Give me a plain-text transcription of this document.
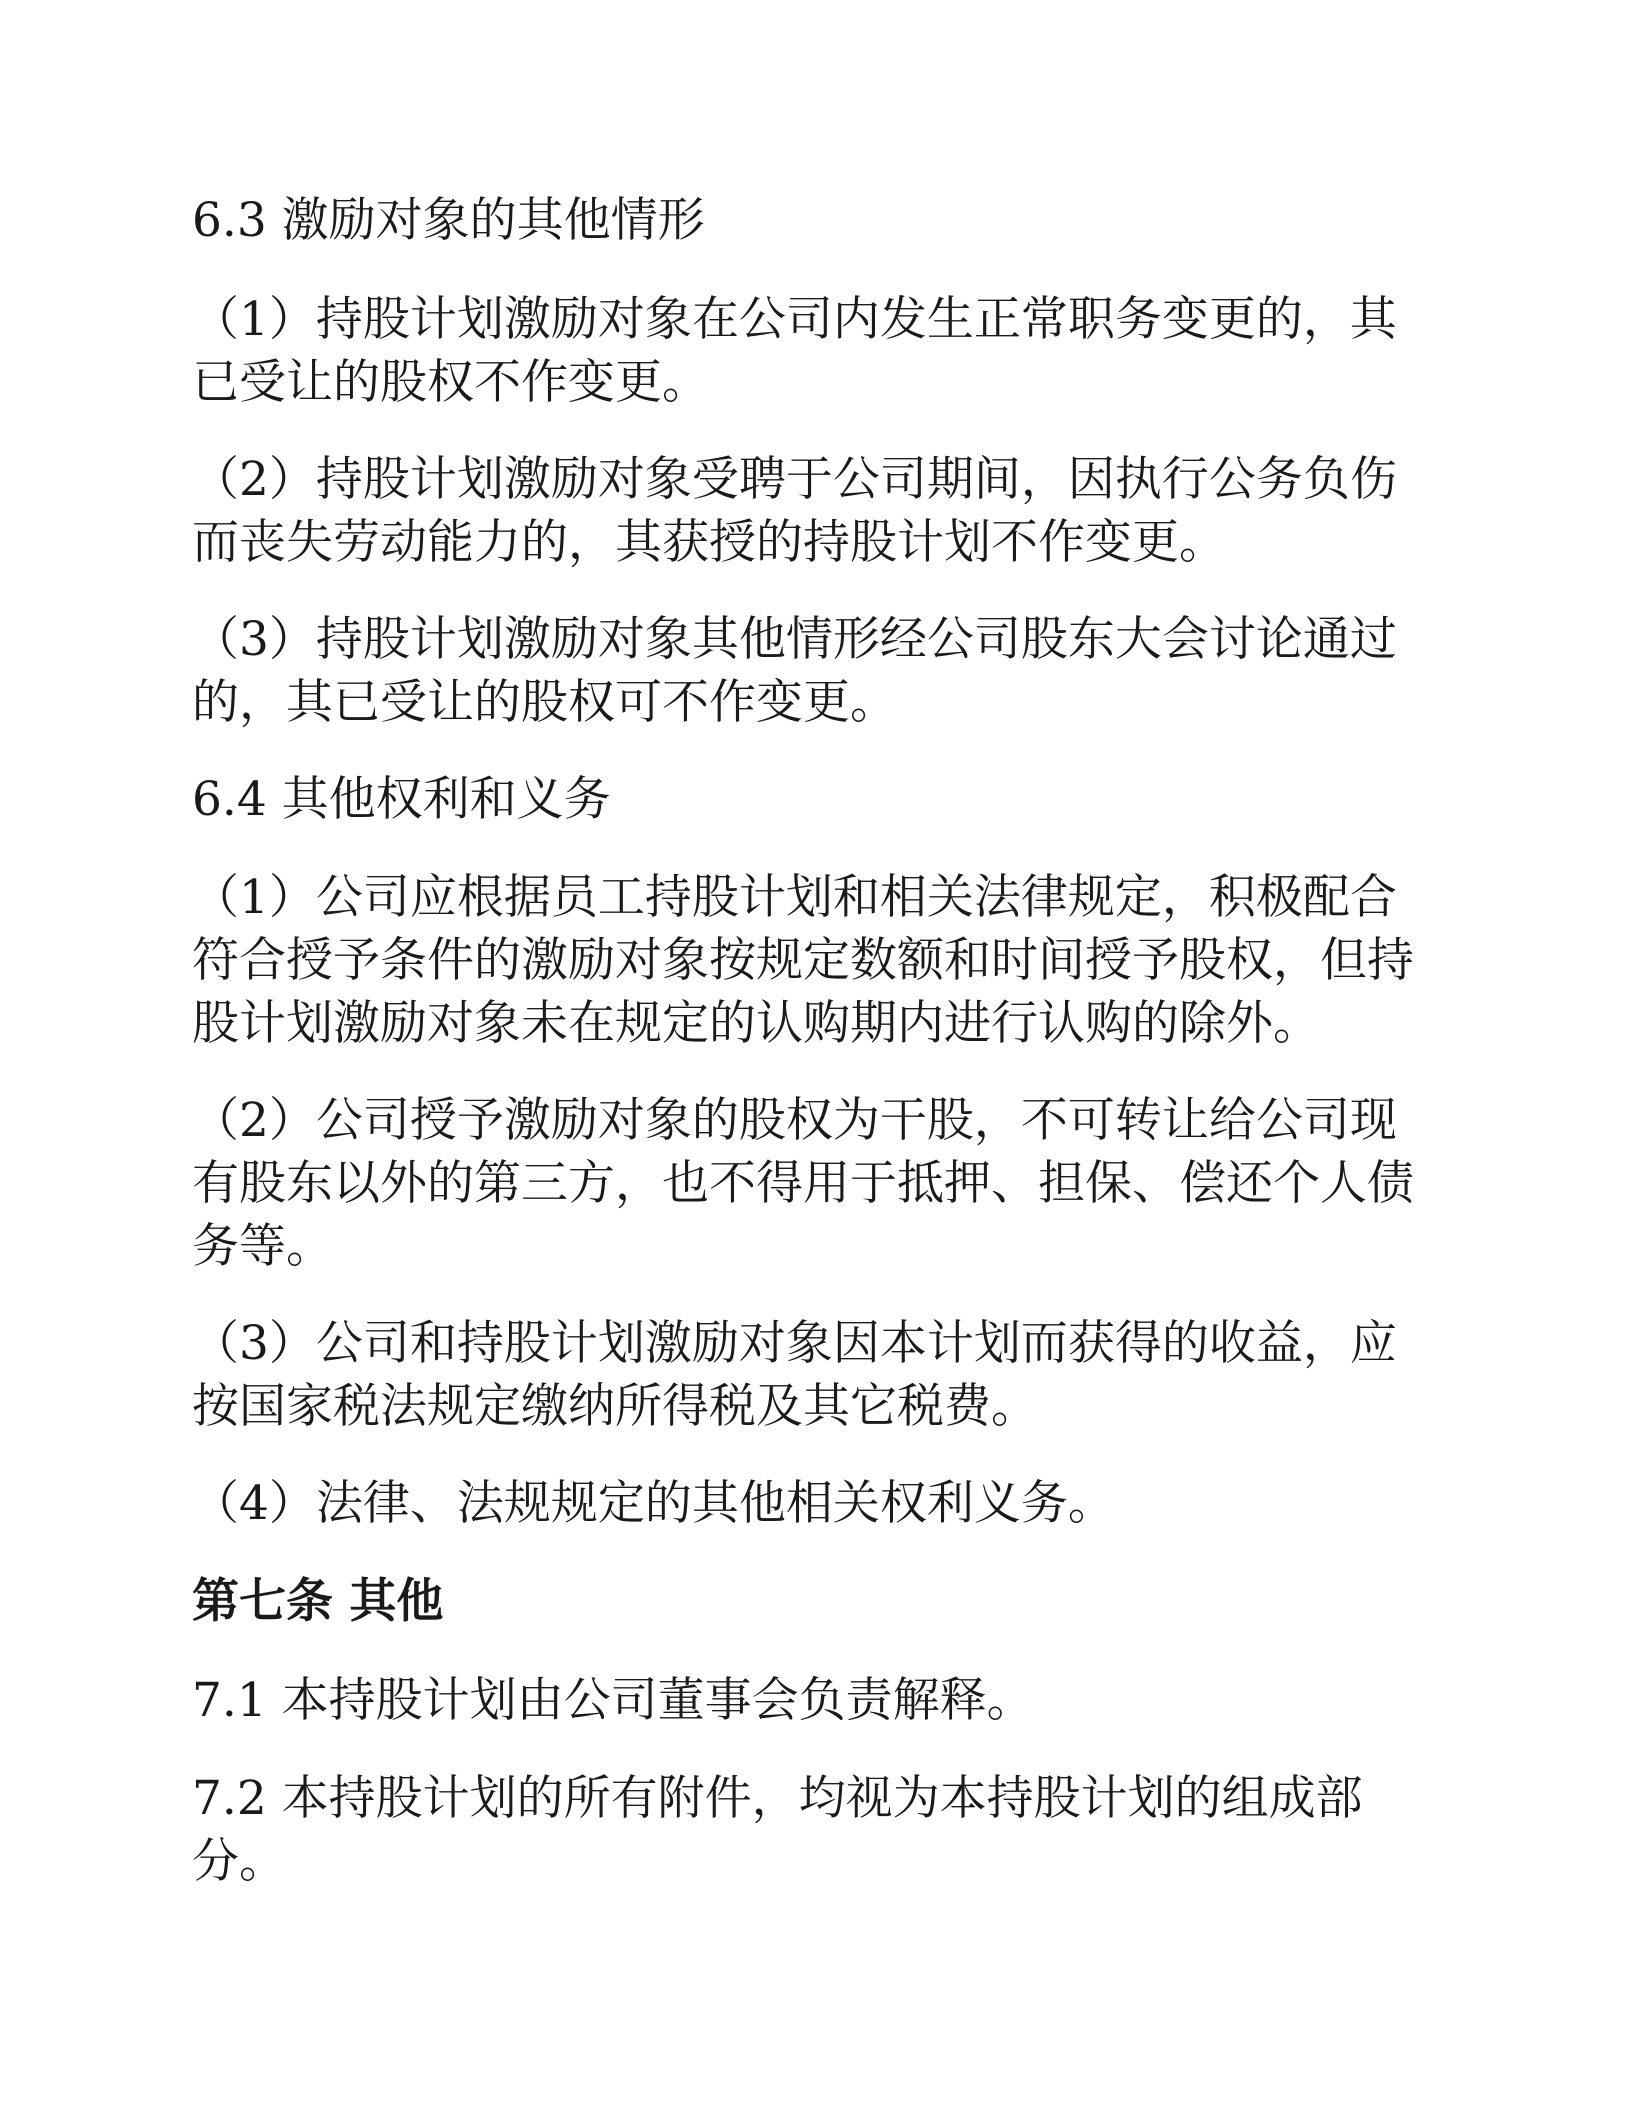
6.3 激励对象的其他情形
（1）持股计划激励对象在公司内发生正常职务变更的，其
已受让的股权不作变更。
（2）持股计划激励对象受聘于公司期间，因执行公务负伤
而丧失劳动能力的，其获授的持股计划不作变更。
（3）持股计划激励对象其他情形经公司股东大会讨论通过
的，其已受让的股权可不作变更。
6.4 其他权利和义务
（1）公司应根据员工持股计划和相关法律规定，积极配合
符合授予条件的激励对象按规定数额和时间授予股权，但持
股计划激励对象未在规定的认购期内进行认购的除外。
（2）公司授予激励对象的股权为干股，不可转让给公司现
有股东以外的第三方，也不得用于抵押、担保、偿还个人债
务等。
（3）公司和持股计划激励对象因本计划而获得的收益，应
按国家税法规定缴纳所得税及其它税费。
（4）法律、法规规定的其他相关权利义务。
第七条 其他
7.1 本持股计划由公司董事会负责解释。
7.2 本持股计划的所有附件，均视为本持股计划的组成部
分。
